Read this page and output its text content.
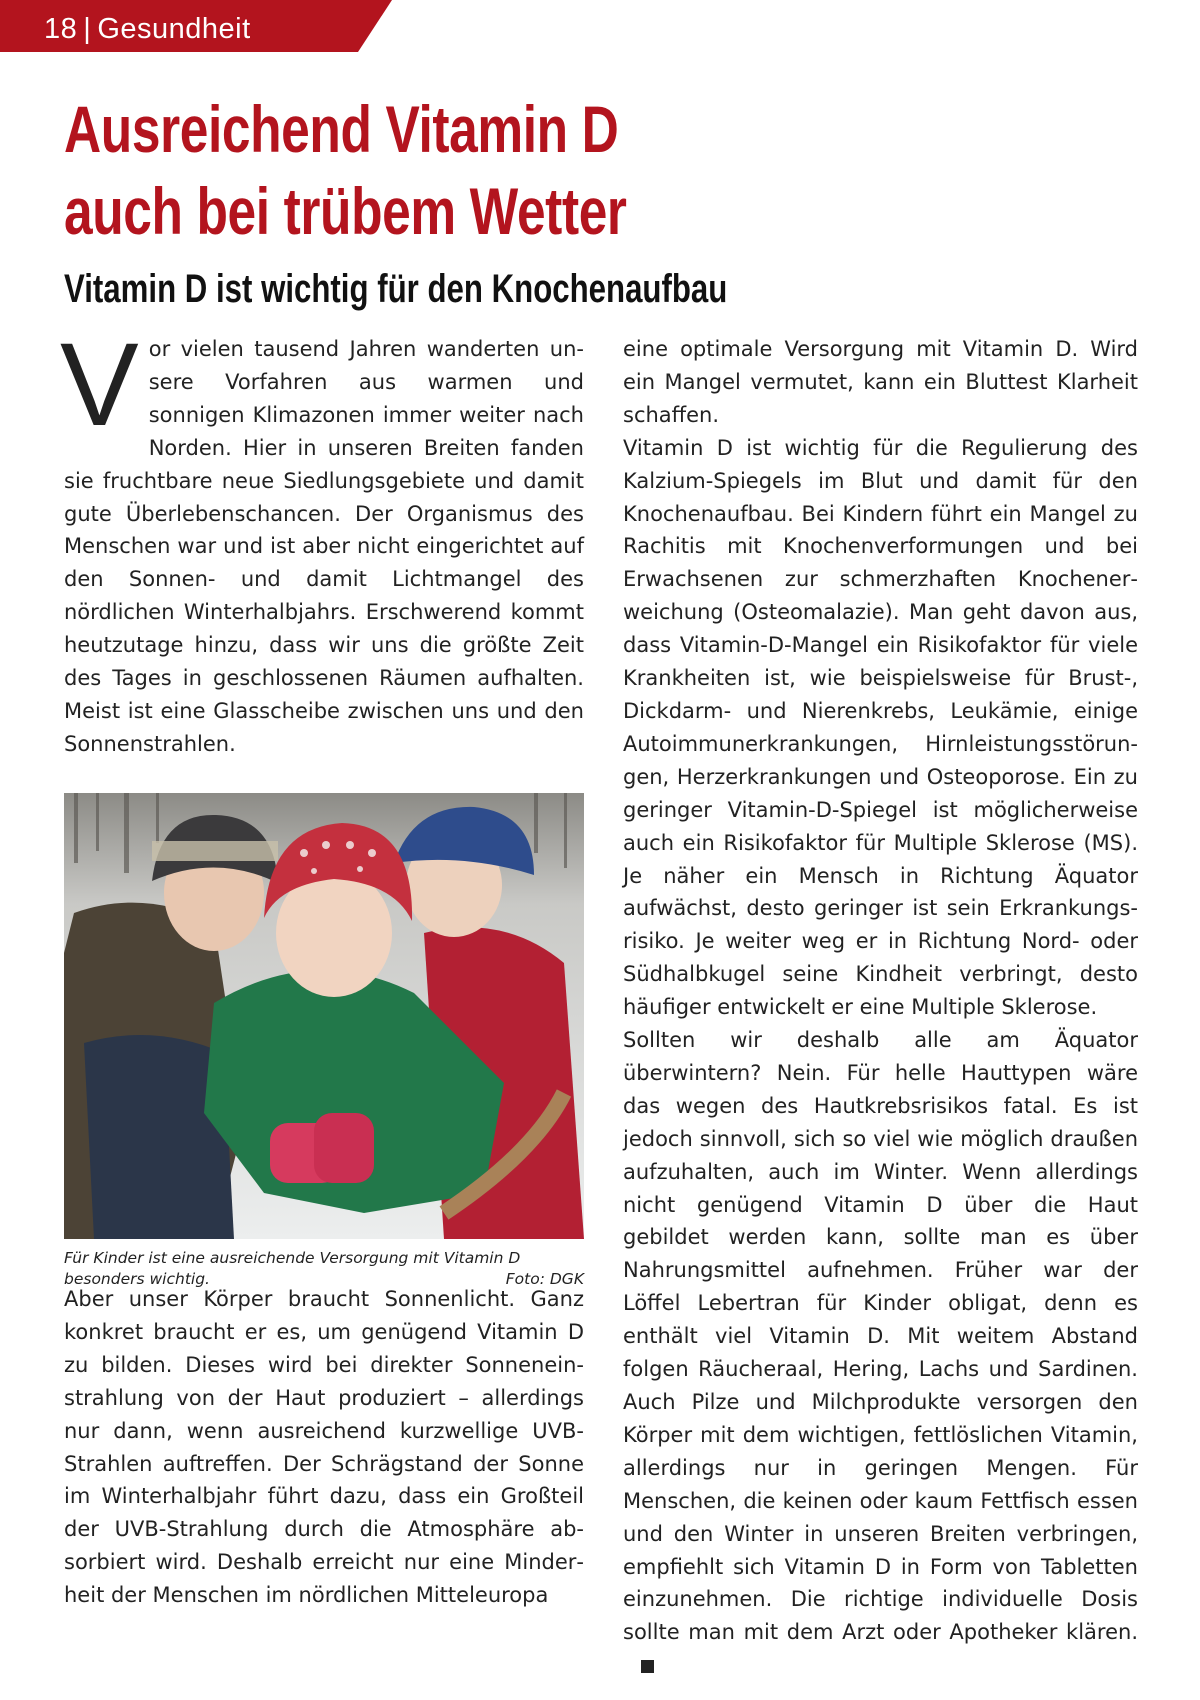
18 | Gesundheit
Ausreichend Vitamin D
auch bei trübem Wetter
Vitamin D ist wichtig für den Knochenaufbau

Vor vielen tausend Jahren wanderten unsere Vorfahren aus warmen und sonnigen Klimazonen immer weiter nach Norden. Hier in unseren Breiten fanden sie fruchtbare neue Siedlungsgebiete und damit gute Überlebenschancen. Der Organismus des Menschen war und ist aber nicht eingerichtet auf den Sonnen- und damit Lichtmangel des nördlichen Winterhalbjahrs. Erschwerend kommt heutzutage hinzu, dass wir uns die größte Zeit des Tages in geschlossenen Räumen aufhalten. Meist ist eine Glasscheibe zwischen uns und den Sonnenstrahlen.

Für Kinder ist eine ausreichende Versorgung mit Vitamin D besonders wichtig.	Foto: DGK

Aber unser Körper braucht Sonnenlicht. Ganz konkret braucht er es, um genügend Vitamin D zu bilden. Dieses wird bei direkter Sonneneinstrahlung von der Haut produziert – allerdings nur dann, wenn ausreichend kurzwellige UVB-Strahlen auftreffen. Der Schrägstand der Sonne im Winterhalbjahr führt dazu, dass ein Großteil der UVB-Strahlung durch die Atmosphäre absorbiert wird. Deshalb erreicht nur eine Minderheit der Menschen im nördlichen Mitteleuropa

eine optimale Versorgung mit Vitamin D. Wird ein Mangel vermutet, kann ein Bluttest Klarheit schaffen.

Vitamin D ist wichtig für die Regulierung des Kalzium-Spiegels im Blut und damit für den Knochenaufbau. Bei Kindern führt ein Mangel zu Rachitis mit Knochenverformungen und bei Erwachsenen zur schmerzhaften Knochenerweichung (Osteomalazie). Man geht davon aus, dass Vitamin-D-Mangel ein Risikofaktor für viele Krankheiten ist, wie beispielsweise für Brust-, Dickdarm- und Nierenkrebs, Leukämie, einige Autoimmunerkrankungen, Hirnleistungsstörungen, Herzerkrankungen und Osteoporose. Ein zu geringer Vitamin-D-Spiegel ist möglicherweise auch ein Risikofaktor für Multiple Sklerose (MS). Je näher ein Mensch in Richtung Äquator aufwächst, desto geringer ist sein Erkrankungsrisiko. Je weiter weg er in Richtung Nord- oder Südhalbkugel seine Kindheit verbringt, desto häufiger entwickelt er eine Multiple Sklerose.

Sollten wir deshalb alle am Äquator überwintern? Nein. Für helle Hauttypen wäre das wegen des Hautkrebsrisikos fatal. Es ist jedoch sinnvoll, sich so viel wie möglich draußen aufzuhalten, auch im Winter. Wenn allerdings nicht genügend Vitamin D über die Haut gebildet werden kann, sollte man es über Nahrungsmittel aufnehmen. Früher war der Löffel Lebertran für Kinder obligat, denn es enthält viel Vitamin D. Mit weitem Abstand folgen Räucheraal, Hering, Lachs und Sardinen. Auch Pilze und Milchprodukte versorgen den Körper mit dem wichtigen, fettlöslichen Vitamin, allerdings nur in geringen Mengen. Für Menschen, die keinen oder kaum Fettfisch essen und den Winter in unseren Breiten verbringen, empfiehlt sich Vitamin D in Form von Tabletten einzunehmen. Die richtige individuelle Dosis sollte man mit dem Arzt oder Apotheker klären.
